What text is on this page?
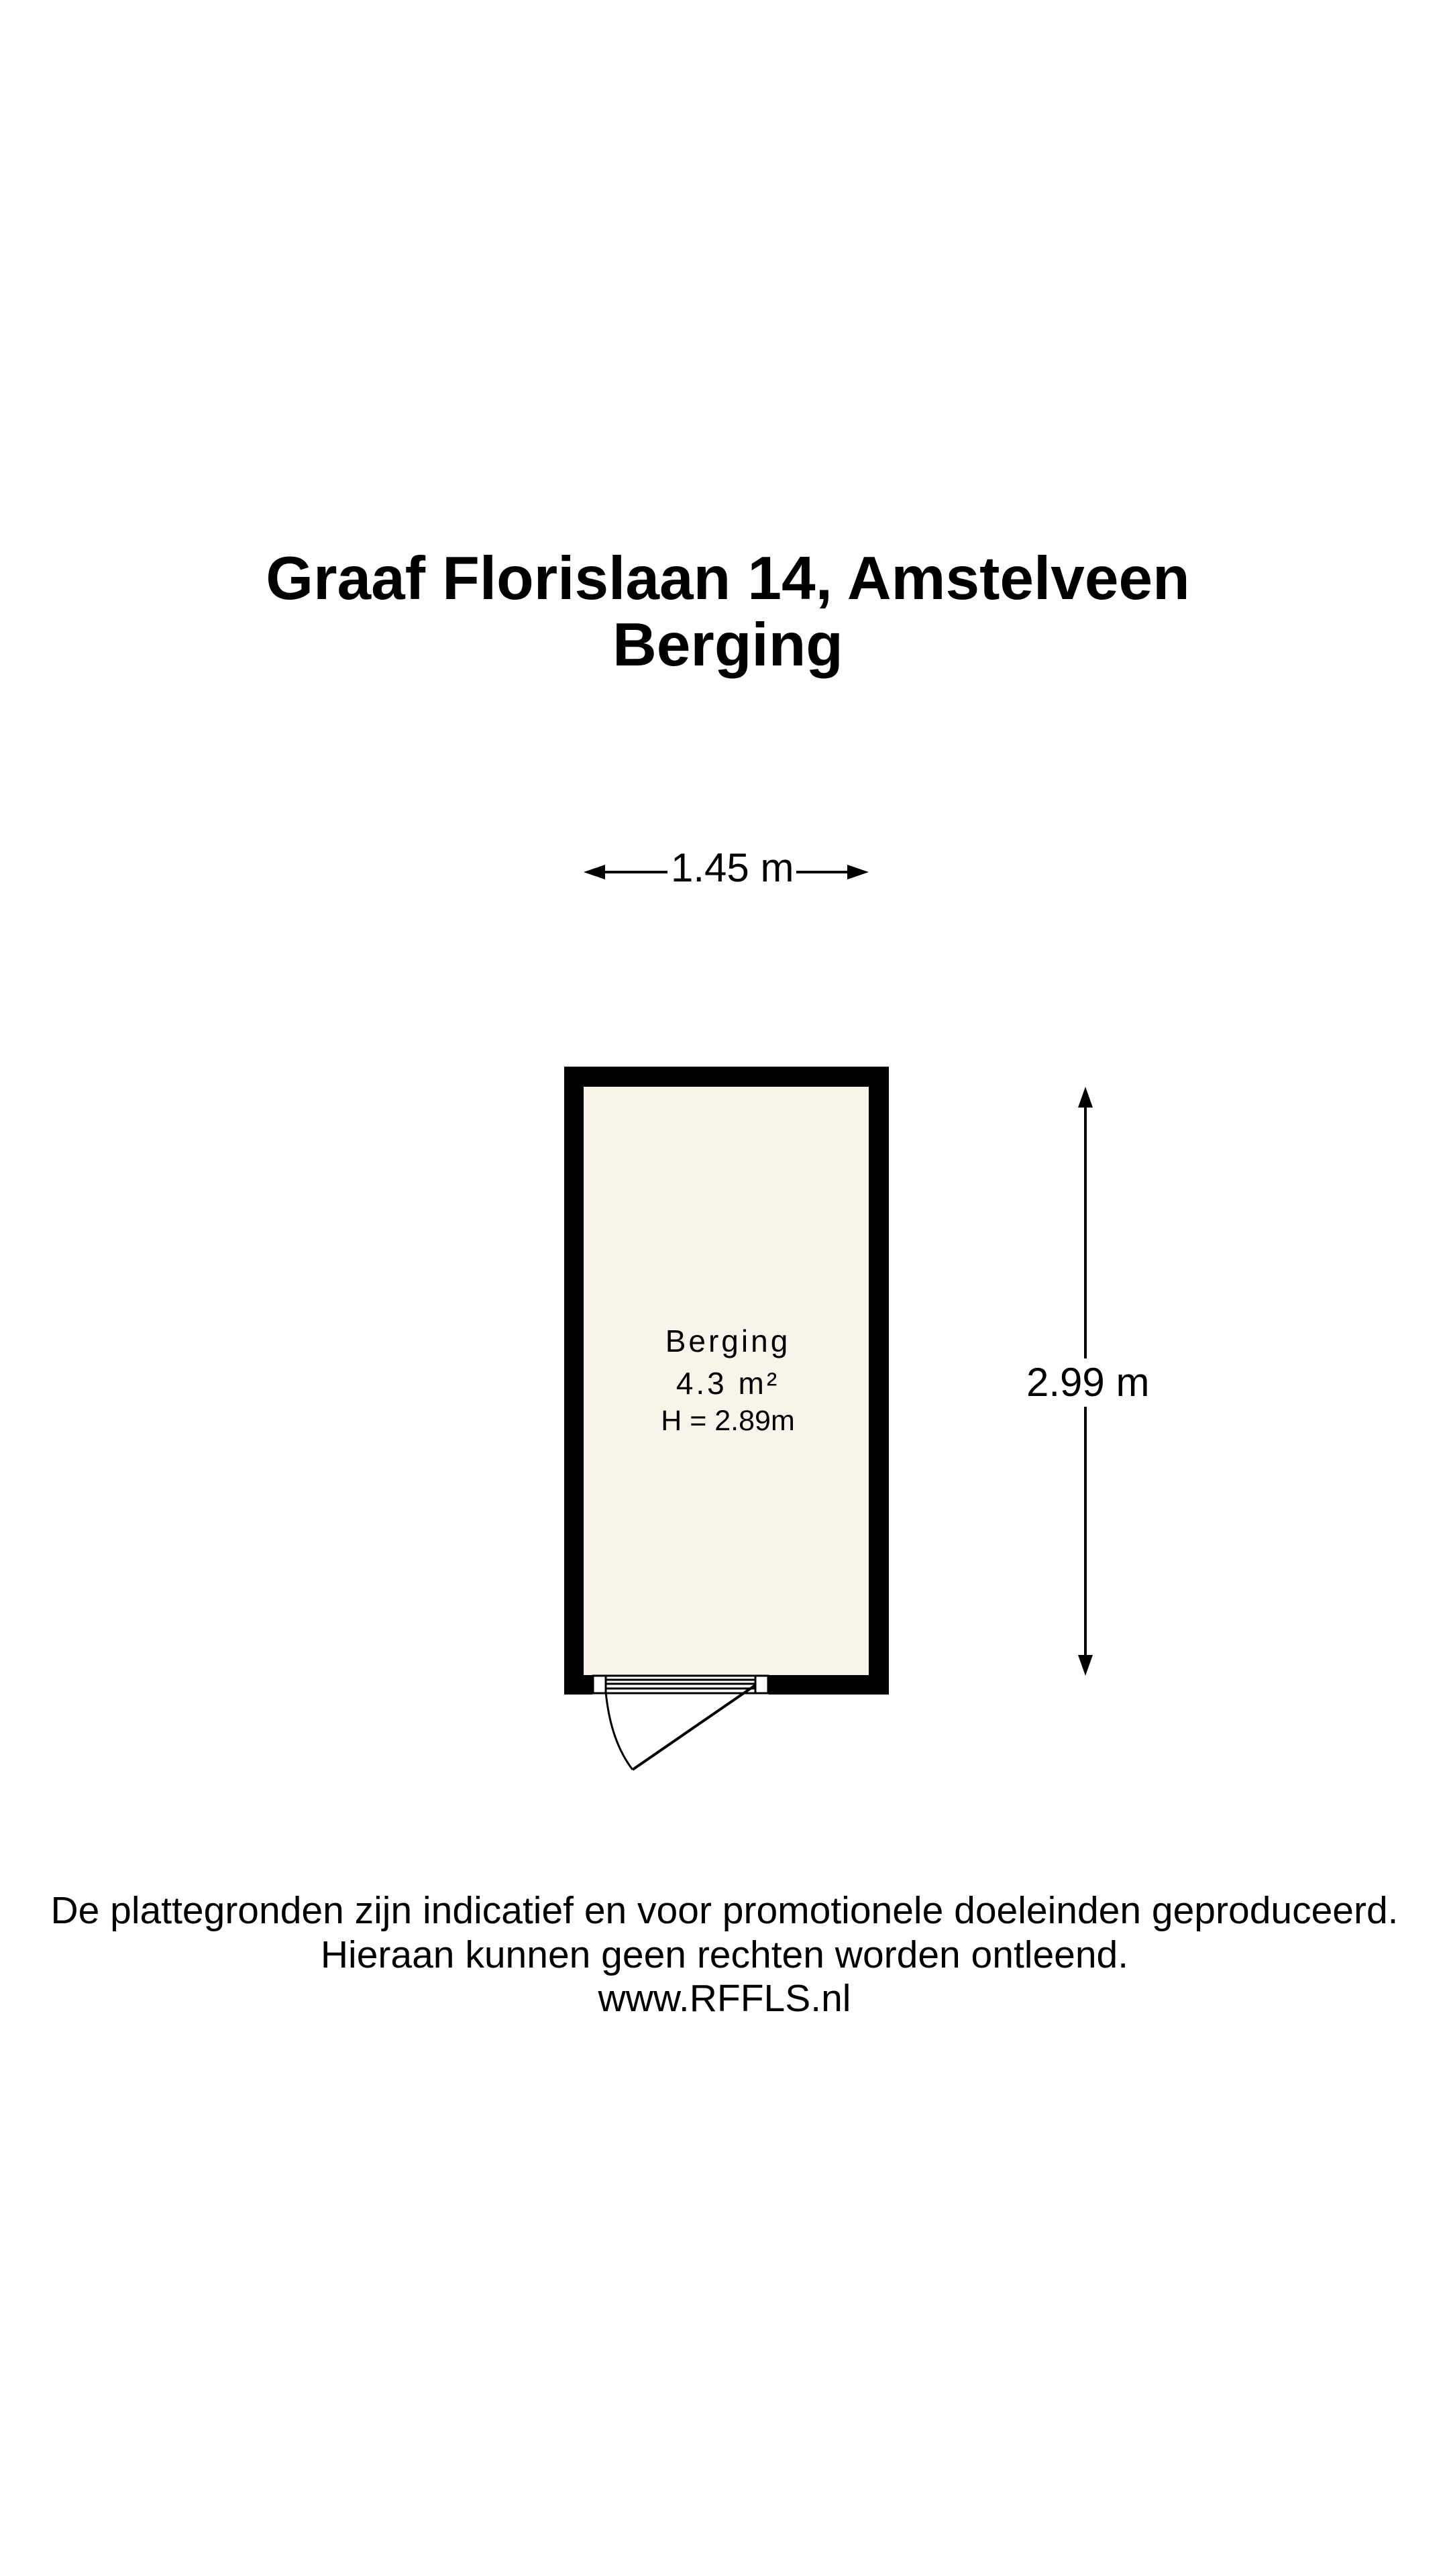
Graaf Florislaan 14, Amstelveen
Berging
1.45 m
2.99 m
Berging
4.3 m²
H = 2.89m
De plattegronden zijn indicatief en voor promotionele doeleinden geproduceerd.
Hieraan kunnen geen rechten worden ontleend.
www.RFFLS.nl
